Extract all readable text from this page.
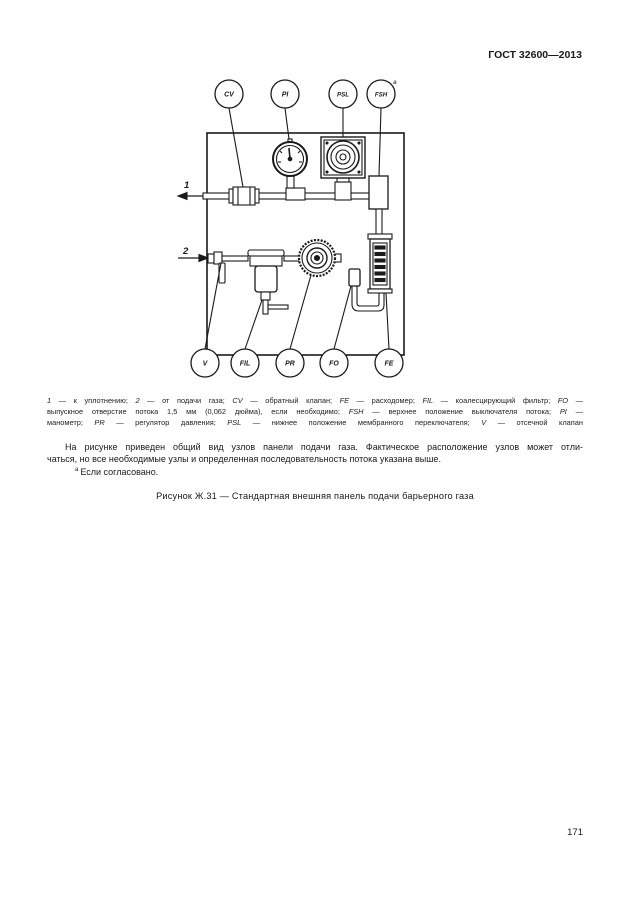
ГОСТ 32600—2013
1
2
CV	PI	PSL	FSH
a
V	FIL	PR	FO	FE
1 — к уплотнению; 2 — от подачи газа; CV — обратный клапан; FE — расходомер; FIL — коалесцирующий фильтр; FO —
выпускное отверстие потока 1,5 мм (0,062 дюйма), если необходимо; FSH — верхнее положение выключателя потока; PI —
манометр; PR — регулятор давления; PSL — нижнее положение мембранного переключателя; V — отсечной клапан
На рисунке приведен общий вид узлов панели подачи газа. Фактическое расположение узлов может отли-
чаться, но все необходимые узлы и определенная последовательность потока указана выше.
$^a$ Если согласовано.
Рисунок Ж.31 — Стандартная внешняя панель подачи барьерного газа
171
